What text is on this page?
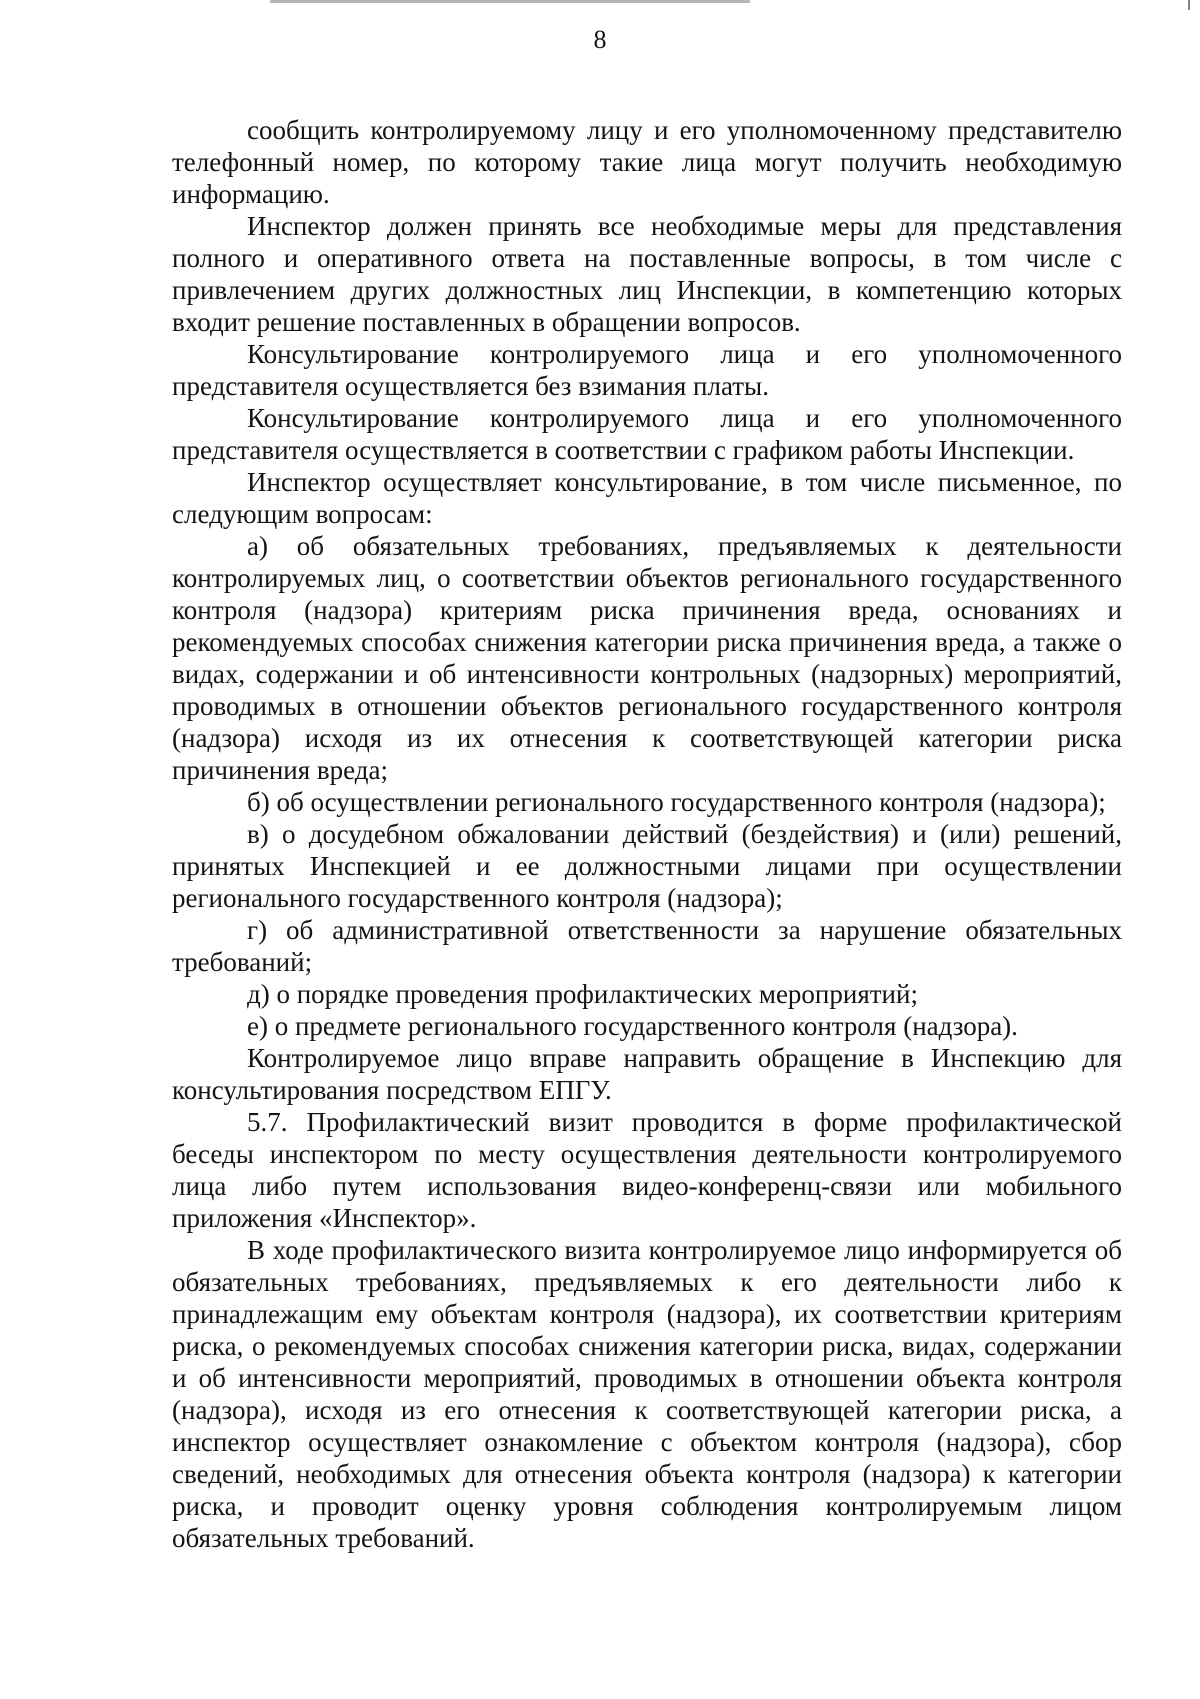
8

сообщить контролируемому лицу и его уполномоченному представителю телефонный номер, по которому такие лица могут получить необходимую информацию.

Инспектор должен принять все необходимые меры для представления полного и оперативного ответа на поставленные вопросы, в том числе с привлечением других должностных лиц Инспекции, в компетенцию которых входит решение поставленных в обращении вопросов.

Консультирование контролируемого лица и его уполномоченного представителя осуществляется без взимания платы.

Консультирование контролируемого лица и его уполномоченного представителя осуществляется в соответствии с графиком работы Инспекции.

Инспектор осуществляет консультирование, в том числе письменное, по следующим вопросам:

а) об обязательных требованиях, предъявляемых к деятельности контролируемых лиц, о соответствии объектов регионального государственного контроля (надзора) критериям риска причинения вреда, основаниях и рекомендуемых способах снижения категории риска причинения вреда, а также о видах, содержании и об интенсивности контрольных (надзорных) мероприятий, проводимых в отношении объектов регионального государственного контроля (надзора) исходя из их отнесения к соответствующей категории риска причинения вреда;

б) об осуществлении регионального государственного контроля (надзора);

в) о досудебном обжаловании действий (бездействия) и (или) решений, принятых Инспекцией и ее должностными лицами при осуществлении регионального государственного контроля (надзора);

г) об административной ответственности за нарушение обязательных требований;

д) о порядке проведения профилактических мероприятий;

е) о предмете регионального государственного контроля (надзора).

Контролируемое лицо вправе направить обращение в Инспекцию для консультирования посредством ЕПГУ.

5.7. Профилактический визит проводится в форме профилактической беседы инспектором по месту осуществления деятельности контролируемого лица либо путем использования видео-конференц-связи или мобильного приложения «Инспектор».

В ходе профилактического визита контролируемое лицо информируется об обязательных требованиях, предъявляемых к его деятельности либо к принадлежащим ему объектам контроля (надзора), их соответствии критериям риска, о рекомендуемых способах снижения категории риска, видах, содержании и об интенсивности мероприятий, проводимых в отношении объекта контроля (надзора), исходя из его отнесения к соответствующей категории риска, а инспектор осуществляет ознакомление с объектом контроля (надзора), сбор сведений, необходимых для отнесения объекта контроля (надзора) к категории риска, и проводит оценку уровня соблюдения контролируемым лицом обязательных требований.
